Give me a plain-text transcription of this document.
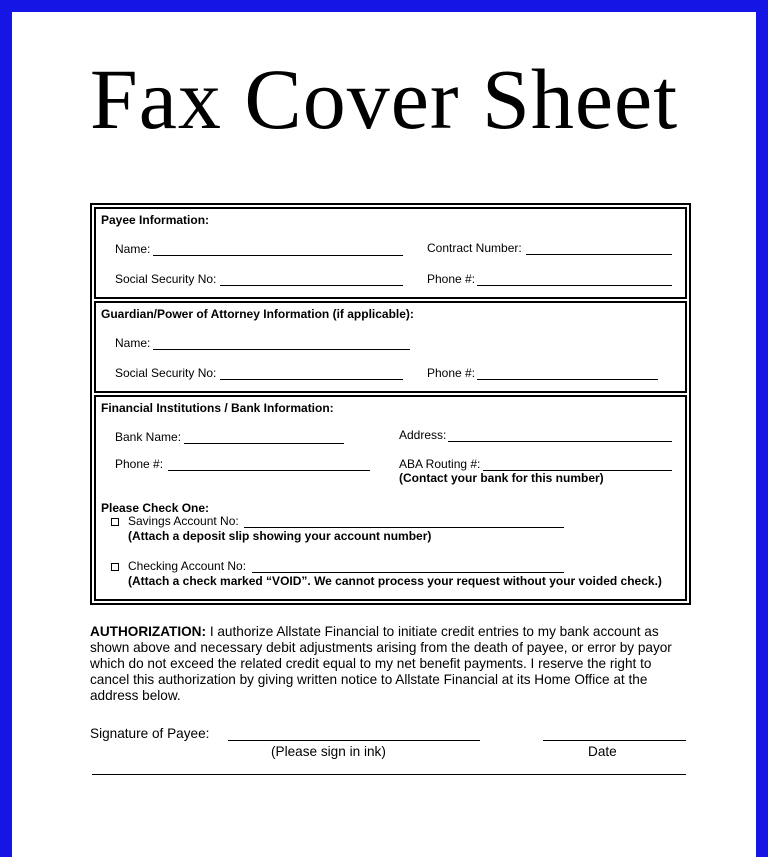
Fax Cover Sheet
Payee Information:
Name:	Contract Number:
Social Security No:	Phone #:
Guardian/Power of Attorney Information (if applicable):
Name:
Social Security No:	Phone #:
Financial Institutions / Bank Information:
Bank Name:	Address:
Phone #:	ABA Routing #:
(Contact your bank for this number)
Please Check One:
Savings Account No:
(Attach a deposit slip showing your account number)
Checking Account No:
(Attach a check marked “VOID”. We cannot process your request without your voided check.)
AUTHORIZATION: I authorize Allstate Financial to initiate credit entries to my bank account as shown above and necessary debit adjustments arising from the death of payee, or error by payor which do not exceed the related credit equal to my net benefit payments. I reserve the right to cancel this authorization by giving written notice to Allstate Financial at its Home Office at the address below.
Signature of Payee:
(Please sign in ink)	Date
